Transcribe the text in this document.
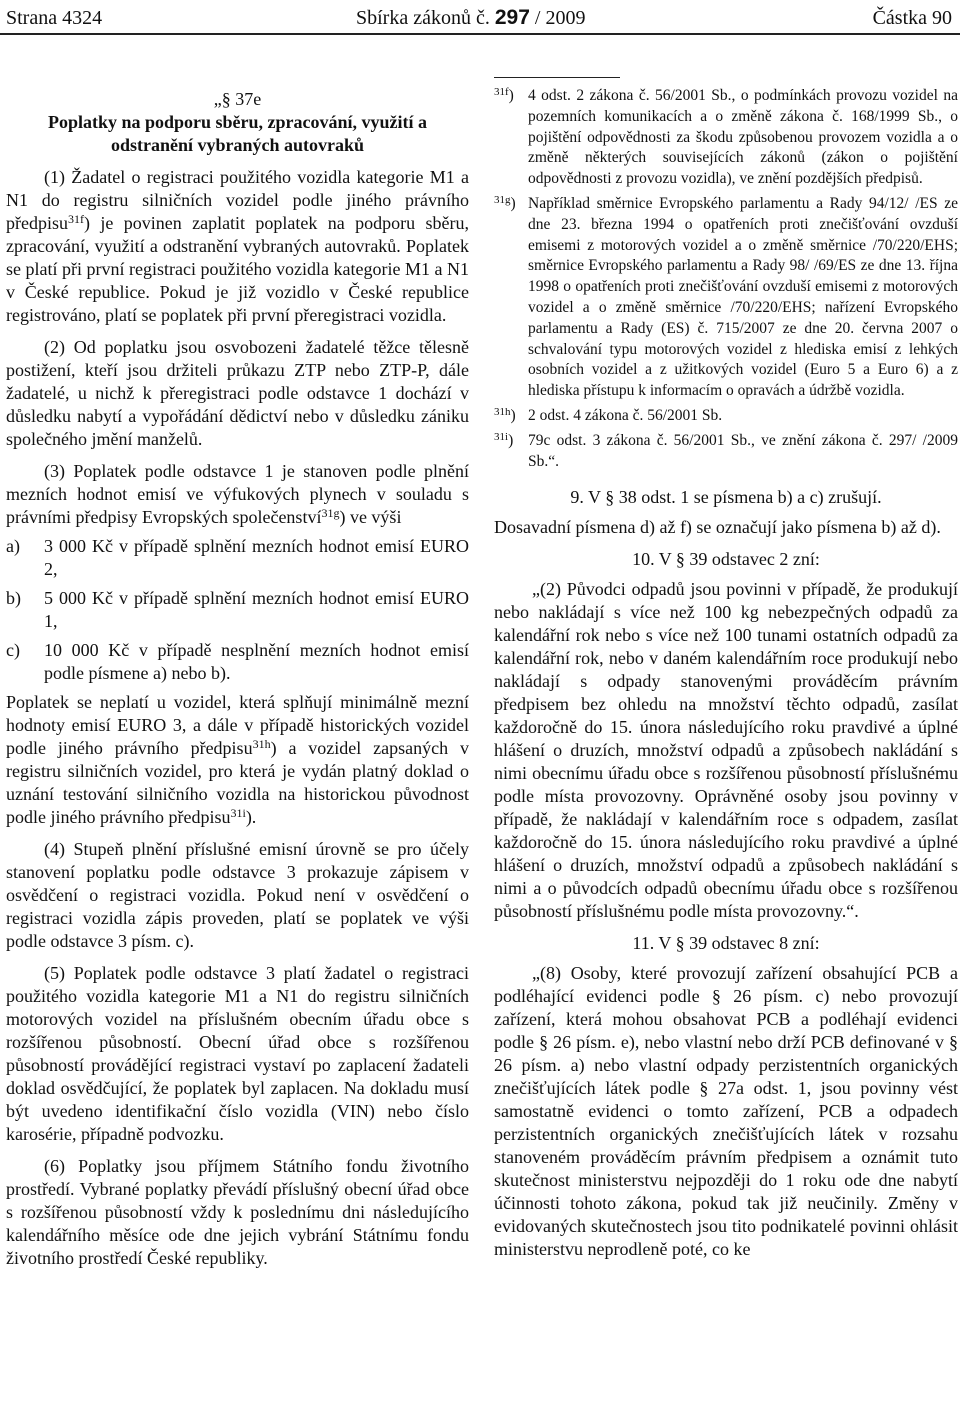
Strana 4324	Sbírka zákonů č. 297 / 2009	Částka 90
„§ 37e
Poplatky na podporu sběru, zpracování, využití a odstranění vybraných autovraků

(1) Žadatel o registraci použitého vozidla kategorie M1 a N1 do registru silničních vozidel podle jiného právního předpisu$^{31f}$) je povinen zaplatit poplatek na podporu sběru, zpracování, využití a odstranění vybraných autovraků. Poplatek se platí při první registraci použitého vozidla kategorie M1 a N1 v České republice. Pokud je již vozidlo v České republice registrováno, platí se poplatek při první přeregistraci vozidla.

(2) Od poplatku jsou osvobozeni žadatelé těžce tělesně postižení, kteří jsou držiteli průkazu ZTP nebo ZTP-P, dále žadatelé, u nichž k přeregistraci podle odstavce 1 dochází v důsledku nabytí a vypořádání dědictví nebo v důsledku zániku společného jmění manželů.

(3) Poplatek podle odstavce 1 je stanoven podle plnění mezních hodnot emisí ve výfukových plynech v souladu s právními předpisy Evropských společenství$^{31g}$) ve výši

a)	3 000 Kč v případě splnění mezních hodnot emisí EURO 2,
b)	5 000 Kč v případě splnění mezních hodnot emisí EURO 1,
c)	10 000 Kč v případě nesplnění mezních hodnot emisí podle písmene a) nebo b).

Poplatek se neplatí u vozidel, která splňují minimálně mezní hodnoty emisí EURO 3, a dále v případě historických vozidel podle jiného právního předpisu$^{31h}$) a vozidel zapsaných v registru silničních vozidel, pro která je vydán platný doklad o uznání testování silničního vozidla na historickou původnost podle jiného právního předpisu$^{31i}$).

(4) Stupeň plnění příslušné emisní úrovně se pro účely stanovení poplatku podle odstavce 3 prokazuje zápisem v osvědčení o registraci vozidla. Pokud není v osvědčení o registraci vozidla zápis proveden, platí se poplatek ve výši podle odstavce 3 písm. c).

(5) Poplatek podle odstavce 3 platí žadatel o registraci použitého vozidla kategorie M1 a N1 do registru silničních motorových vozidel na příslušném obecním úřadu obce s rozšířenou působností. Obecní úřad obce s rozšířenou působností provádějící registraci vystaví po zaplacení žadateli doklad osvědčující, že poplatek byl zaplacen. Na dokladu musí být uvedeno identifikační číslo vozidla (VIN) nebo číslo karosérie, případně podvozku.

(6) Poplatky jsou příjmem Státního fondu životního prostředí. Vybrané poplatky převádí příslušný obecní úřad obce s rozšířenou působností vždy k poslednímu dni následujícího kalendářního měsíce ode dne jejich vybrání Státnímu fondu životního prostředí České republiky.

$^{31f}$) 4 odst. 2 zákona č. 56/2001 Sb., o podmínkách provozu vozidel na pozemních komunikacích a o změně zákona č. 168/1999 Sb., o pojištění odpovědnosti za škodu způsobenou provozem vozidla a o změně některých souvisejících zákonů (zákon o pojištění odpovědnosti z provozu vozidla), ve znění pozdějších předpisů.
$^{31g}$) Například směrnice Evropského parlamentu a Rady 94/12/ /ES ze dne 23. března 1994 o opatřeních proti znečišťování ovzduší emisemi z motorových vozidel a o změně směrnice /70/220/EHS; směrnice Evropského parlamentu a Rady 98/ /69/ES ze dne 13. října 1998 o opatřeních proti znečišťování ovzduší emisemi z motorových vozidel a o změně směrnice /70/220/EHS; nařízení Evropského parlamentu a Rady (ES) č. 715/2007 ze dne 20. června 2007 o schvalování typu motorových vozidel z hlediska emisí z lehkých osobních vozidel a z užitkových vozidel (Euro 5 a Euro 6) a z hlediska přístupu k informacím o opravách a údržbě vozidla.
$^{31h}$) 2 odst. 4 zákona č. 56/2001 Sb.
$^{31i}$) 79c odst. 3 zákona č. 56/2001 Sb., ve znění zákona č. 297/ /2009 Sb.“.

9. V § 38 odst. 1 se písmena b) a c) zrušují.

Dosavadní písmena d) až f) se označují jako písmena b) až d).

10. V § 39 odstavec 2 zní:

„(2) Původci odpadů jsou povinni v případě, že produkují nebo nakládají s více než 100 kg nebezpečných odpadů za kalendářní rok nebo s více než 100 tunami ostatních odpadů za kalendářní rok, nebo v daném kalendářním roce produkují nebo nakládají s odpady stanovenými prováděcím právním předpisem bez ohledu na množství těchto odpadů, zasílat každoročně do 15. února následujícího roku pravdivé a úplné hlášení o druzích, množství odpadů a způsobech nakládání s nimi obecnímu úřadu obce s rozšířenou působností příslušnému podle místa provozovny. Oprávněné osoby jsou povinny v případě, že nakládají v kalendářním roce s odpadem, zasílat každoročně do 15. února následujícího roku pravdivé a úplné hlášení o druzích, množství odpadů a způsobech nakládání s nimi a o původcích odpadů obecnímu úřadu obce s rozšířenou působností příslušnému podle místa provozovny.“.

11. V § 39 odstavec 8 zní:

„(8) Osoby, které provozují zařízení obsahující PCB a podléhající evidenci podle § 26 písm. c) nebo provozují zařízení, která mohou obsahovat PCB a podléhají evidenci podle § 26 písm. e), nebo vlastní nebo drží PCB definované v § 26 písm. a) nebo vlastní odpady perzistentních organických znečišťujících látek podle § 27a odst. 1, jsou povinny vést samostatně evidenci o tomto zařízení, PCB a odpadech perzistentních organických znečišťujících látek v rozsahu stanoveném prováděcím právním předpisem a oznámit tuto skutečnost ministerstvu nejpozději do 1 roku ode dne nabytí účinnosti tohoto zákona, pokud tak již neučinily. Změny v evidovaných skutečnostech jsou tito podnikatelé povinni ohlásit ministerstvu neprodleně poté, co ke
